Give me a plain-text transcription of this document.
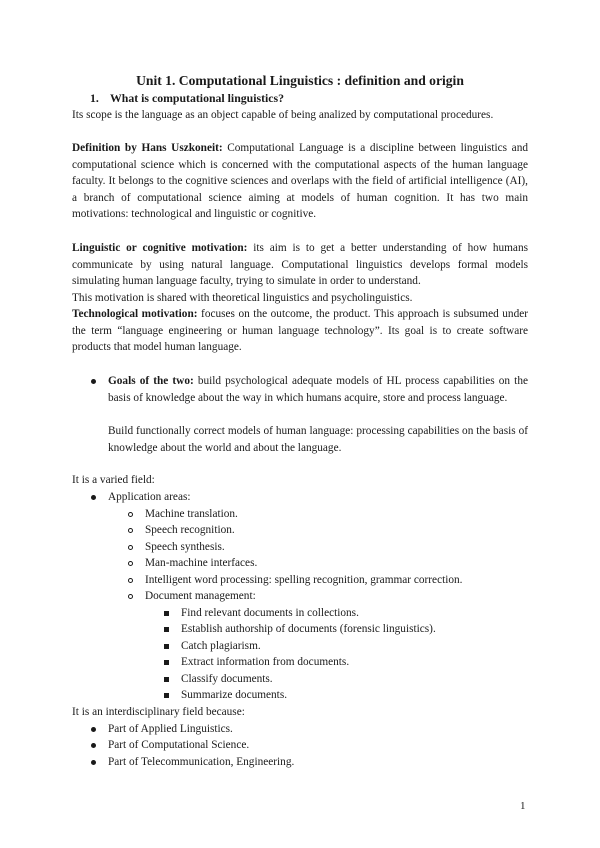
Unit 1. Computational Linguistics : definition and origin
1. What is computational linguistics?
Its scope is the language as an object capable of being analized by computational procedures.
Definition by Hans Uszkoneit: Computational Language is a discipline between linguistics and computational science which is concerned with the computational aspects of the human language faculty. It belongs to the cognitive sciences and overlaps with the field of artificial intelligence (AI), a branch of computational science aiming at models of human cognition. It has two main motivations: technological and linguistic or cognitive.
Linguistic or cognitive motivation: its aim is to get a better understanding of how humans communicate by using natural language. Computational linguistics develops formal models simulating human language faculty, trying to simulate in order to understand.
This motivation is shared with theoretical linguistics and psycholinguistics.
Technological motivation: focuses on the outcome, the product. This approach is subsumed under the term “language engineering or human language technology”. Its goal is to create software products that model human language.
Goals of the two: build psychological adequate models of HL process capabilities on the basis of knowledge about the way in which humans acquire, store and process language.
Build functionally correct models of human language: processing capabilities on the basis of knowledge about the world and about the language.
It is a varied field:
Application areas:
Machine translation.
Speech recognition.
Speech synthesis.
Man-machine interfaces.
Intelligent word processing: spelling recognition, grammar correction.
Document management:
Find relevant documents in collections.
Establish authorship of documents (forensic linguistics).
Catch plagiarism.
Extract information from documents.
Classify documents.
Summarize documents.
It is an interdisciplinary field because:
Part of Applied Linguistics.
Part of Computational Science.
Part of Telecommunication, Engineering.
1
